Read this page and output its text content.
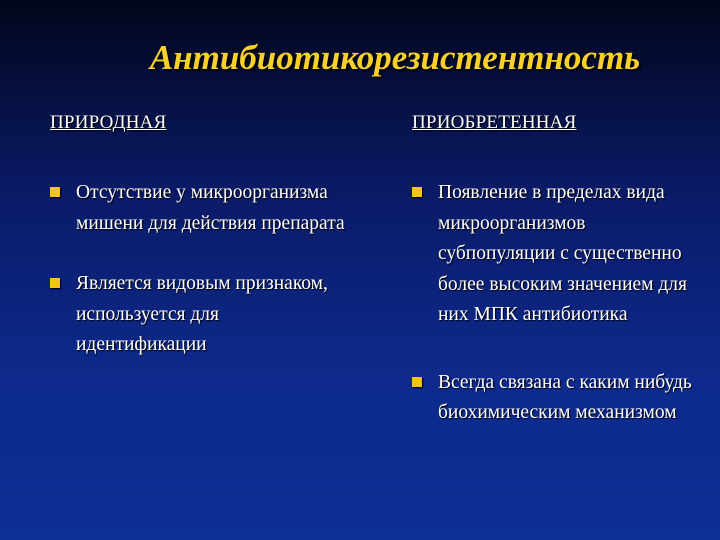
Антибиотикорезистентность
ПРИРОДНАЯ
Отсутствие у микроорганизма мишени для действия препарата
Является видовым признаком, используется для идентификации
ПРИОБРЕТЕННАЯ
Появление в пределах вида микроорганизмов субпопуляции с существенно более высоким значением для них МПК антибиотика
Всегда связана с каким нибудь биохимическим механизмом
